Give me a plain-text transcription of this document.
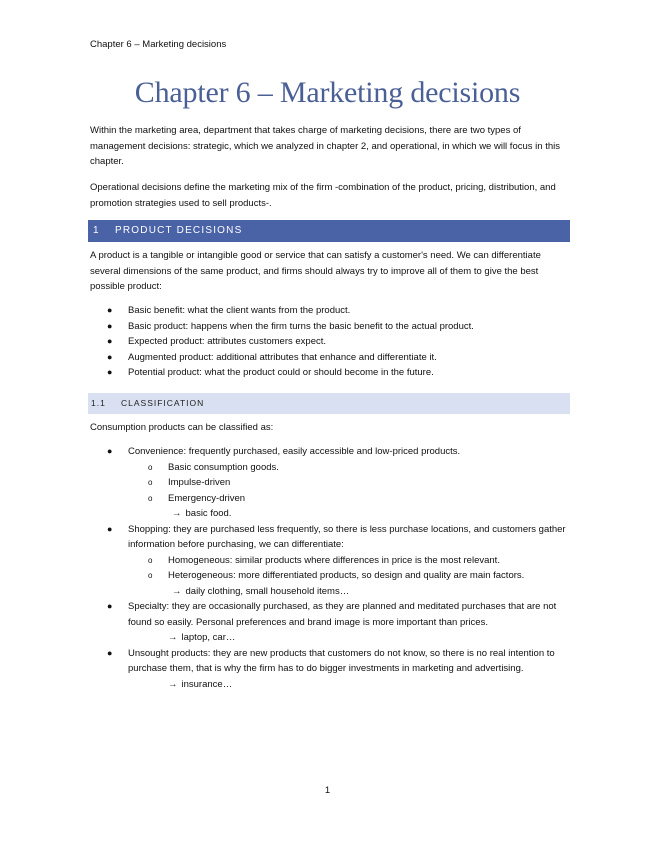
Chapter 6 – Marketing decisions
Chapter 6 – Marketing decisions

Within the marketing area, department that takes charge of marketing decisions, there are two types of management decisions: strategic, which we analyzed in chapter 2, and operational, in which we will focus in this chapter.

Operational decisions define the marketing mix of the firm -combination of the product, pricing, distribution, and promotion strategies used to sell products-.

1 PRODUCT DECISIONS

A product is a tangible or intangible good or service that can satisfy a customer's need. We can differentiate several dimensions of the same product, and firms should always try to improve all of them to give the best possible product:

● Basic benefit: what the client wants from the product.
● Basic product: happens when the firm turns the basic benefit to the actual product.
● Expected product: attributes customers expect.
● Augmented product: additional attributes that enhance and differentiate it.
● Potential product: what the product could or should become in the future.
1.1 CLASSIFICATION

Consumption products can be classified as:

● Convenience: frequently purchased, easily accessible and low-priced products.
o Basic consumption goods.
o Impulse-driven
o Emergency-driven
→ basic food.
● Shopping: they are purchased less frequently, so there is less purchase locations, and customers gather information before purchasing, we can differentiate:
o Homogeneous: similar products where differences in price is the most relevant.
o Heterogeneous: more differentiated products, so design and quality are main factors.
→ daily clothing, small household items…
● Specialty: they are occasionally purchased, as they are planned and meditated purchases that are not found so easily. Personal preferences and brand image is more important than prices.
→ laptop, car…
● Unsought products: they are new products that customers do not know, so there is no real intention to purchase them, that is why the firm has to do bigger investments in marketing and advertising.
→ insurance…
1
